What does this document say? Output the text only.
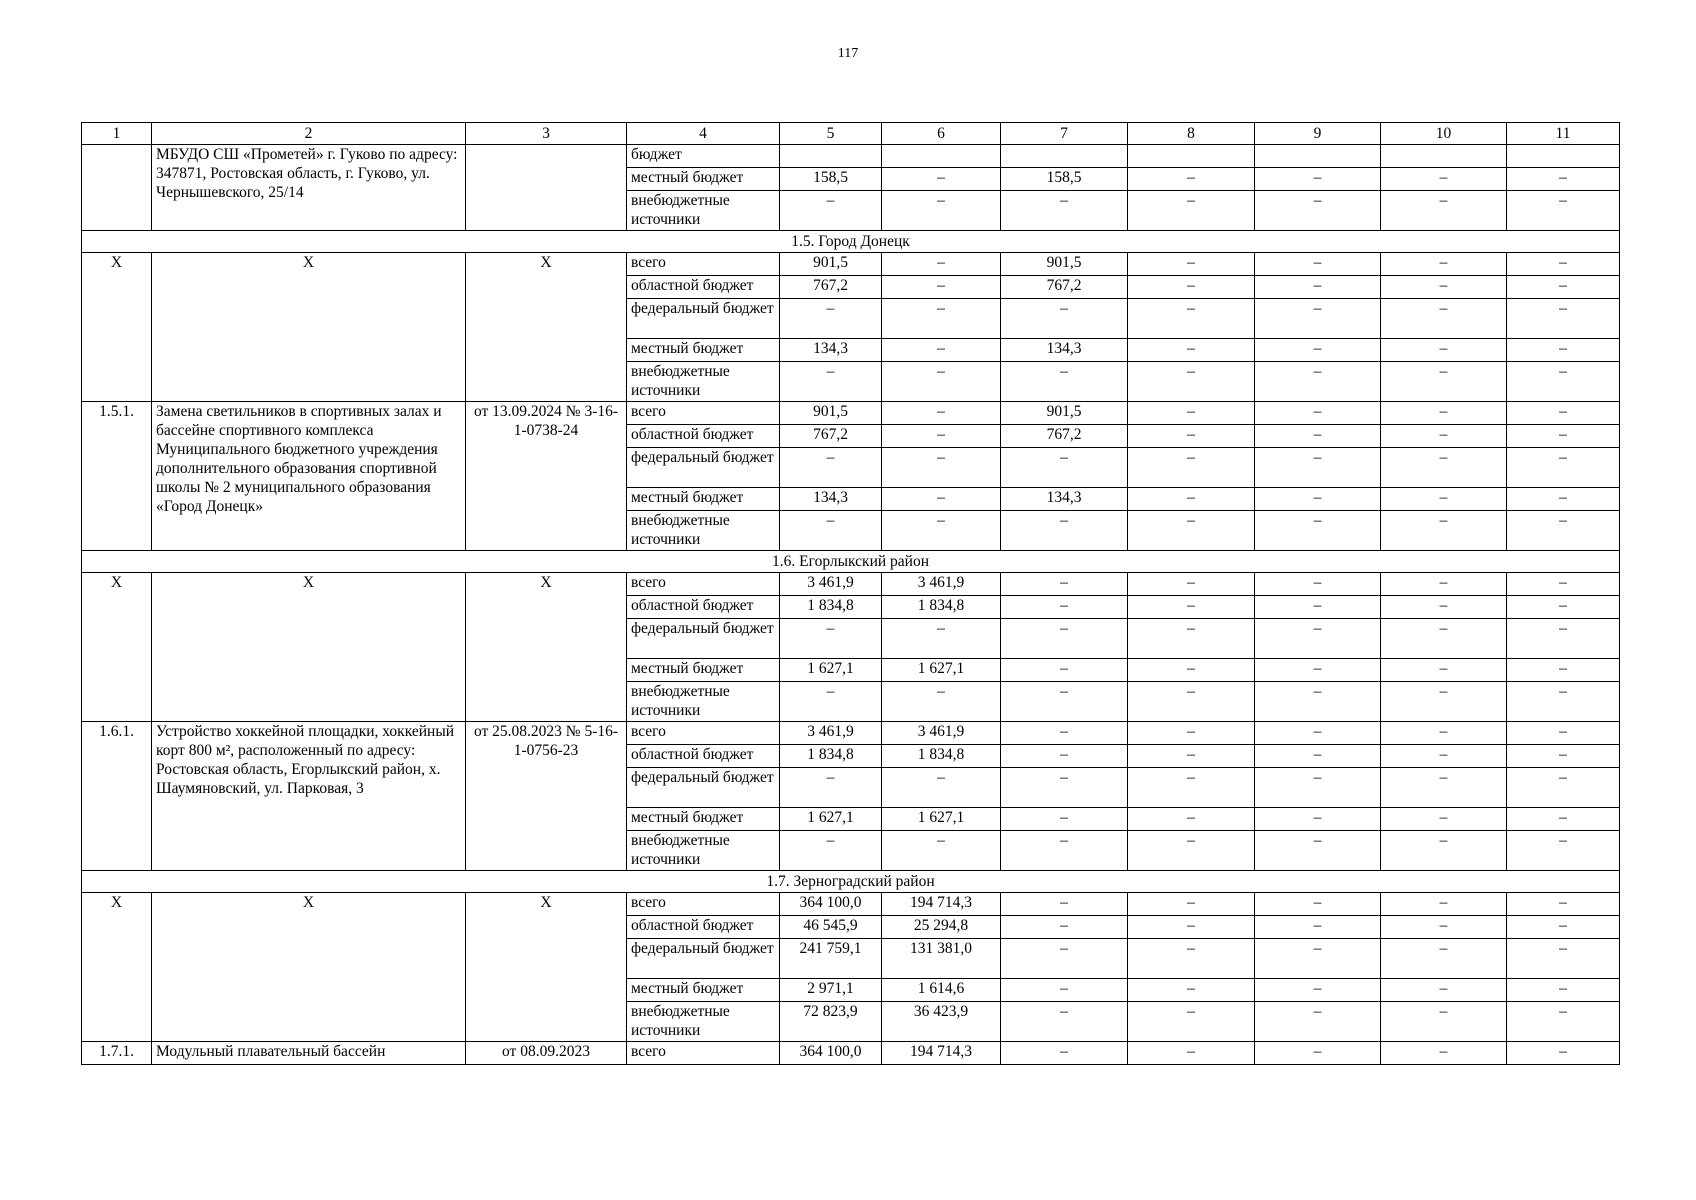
117
1	2	3	4	5	6	7	8	9	10	11
	МБУДО СШ «Прометей» г. Гуково по адресу: 347871, Ростовская область, г. Гуково, ул. Чернышевского, 25/14		бюджет							
			местный бюджет	158,5	–	158,5	–	–	–	–
			внебюджетные источники	–	–	–	–	–	–	–
1.5. Город Донецк										
X	X	X	всего	901,5	–	901,5	–	–	–	–
			областной бюджет	767,2	–	767,2	–	–	–	–
			федеральный бюджет	–	–	–	–	–	–	–
			местный бюджет	134,3	–	134,3	–	–	–	–
			внебюджетные источники	–	–	–	–	–	–	–
1.5.1.	Замена светильников в спортивных залах и бассейне спортивного комплекса Муниципального бюджетного учреждения дополнительного образования спортивной школы № 2 муниципального образования «Город Донецк»	от 13.09.2024 № 3-16-1-0738-24	всего	901,5	–	901,5	–	–	–	–
			областной бюджет	767,2	–	767,2	–	–	–	–
			федеральный бюджет	–	–	–	–	–	–	–
			местный бюджет	134,3	–	134,3	–	–	–	–
			внебюджетные источники	–	–	–	–	–	–	–
1.6. Егорлыкский район										
X	X	X	всего	3 461,9	3 461,9	–	–	–	–	–
			областной бюджет	1 834,8	1 834,8	–	–	–	–	–
			федеральный бюджет	–	–	–	–	–	–	–
			местный бюджет	1 627,1	1 627,1	–	–	–	–	–
			внебюджетные источники	–	–	–	–	–	–	–
1.6.1.	Устройство хоккейной площадки, хоккейный корт 800 м², расположенный по адресу: Ростовская область, Егорлыкский район, х. Шаумяновский, ул. Парковая, 3	от 25.08.2023 № 5-16-1-0756-23	всего	3 461,9	3 461,9	–	–	–	–	–
			областной бюджет	1 834,8	1 834,8	–	–	–	–	–
			федеральный бюджет	–	–	–	–	–	–	–
			местный бюджет	1 627,1	1 627,1	–	–	–	–	–
			внебюджетные источники	–	–	–	–	–	–	–
1.7. Зерноградский район										
X	X	X	всего	364 100,0	194 714,3	–	–	–	–	–
			областной бюджет	46 545,9	25 294,8	–	–	–	–	–
			федеральный бюджет	241 759,1	131 381,0	–	–	–	–	–
			местный бюджет	2 971,1	1 614,6	–	–	–	–	–
			внебюджетные источники	72 823,9	36 423,9	–	–	–	–	–
1.7.1.	Модульный плавательный бассейн	от 08.09.2023	всего	364 100,0	194 714,3	–	–	–	–	–
